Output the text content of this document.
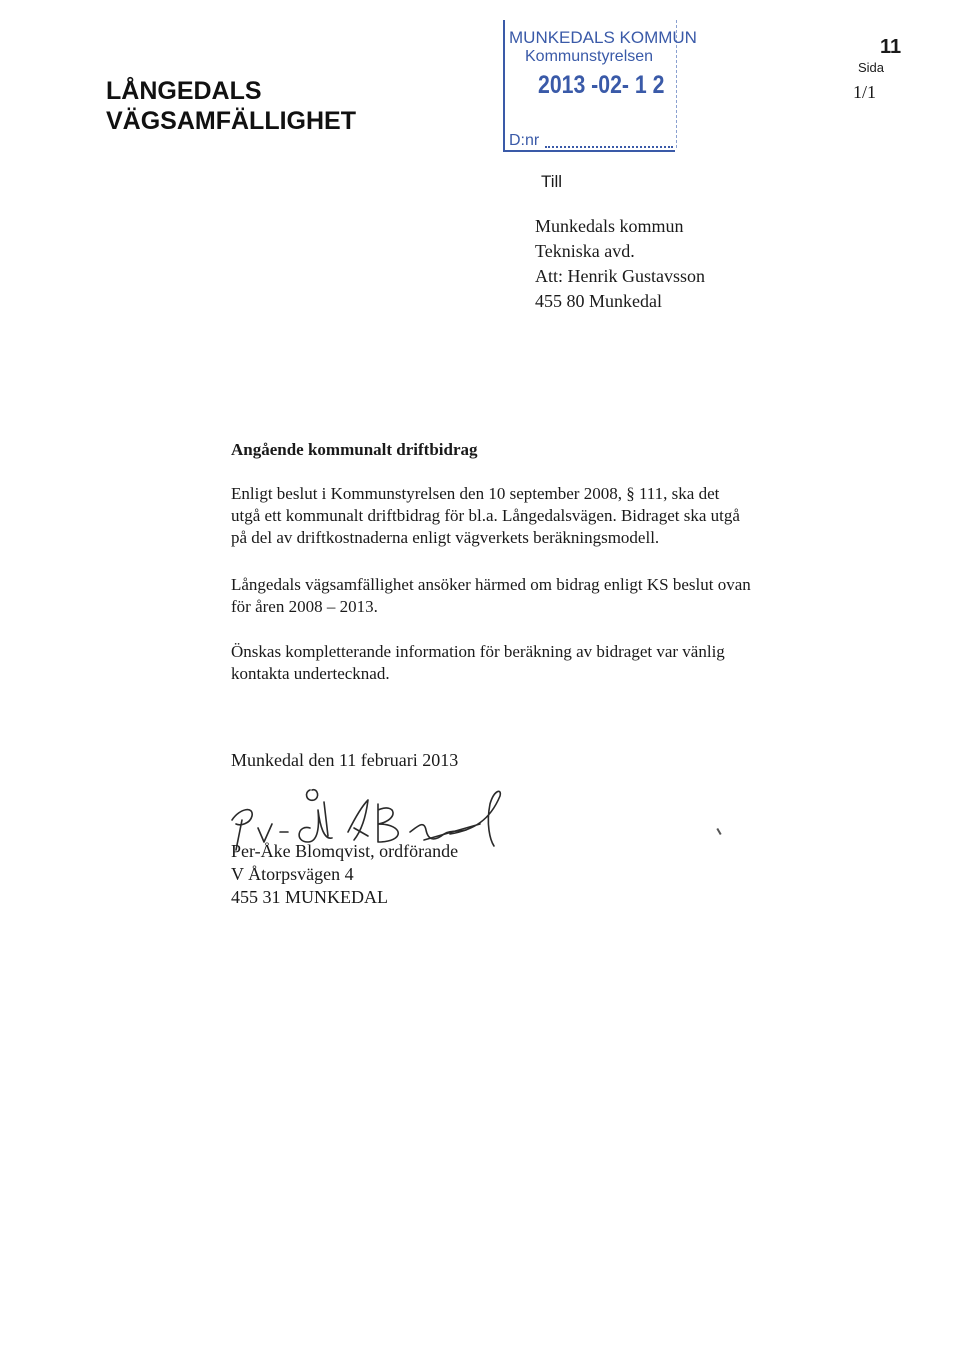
LÅNGEDALS
VÄGSAMFÄLLIGHET
MUNKEDALS KOMMUN
Kommunstyrelsen
2013 -02- 1 2
D:nr
11
Sida
1/1
Till
Munkedals kommun
Tekniska avd.
Att: Henrik Gustavsson
455 80 Munkedal
Angående kommunalt driftbidrag
Enligt beslut i Kommunstyrelsen den 10 september 2008, § 111, ska det
utgå ett kommunalt driftbidrag för bl.a. Långedalsvägen. Bidraget ska utgå
på del av driftkostnaderna enligt vägverkets beräkningsmodell.
Långedals vägsamfällighet ansöker härmed om bidrag enligt KS beslut ovan
för åren 2008 – 2013.
Önskas kompletterande information för beräkning av bidraget var vänlig
kontakta undertecknad.
Munkedal den 11 februari 2013
Per-Åke Blomqvist, ordförande
V Åtorpsvägen 4
455 31 MUNKEDAL
